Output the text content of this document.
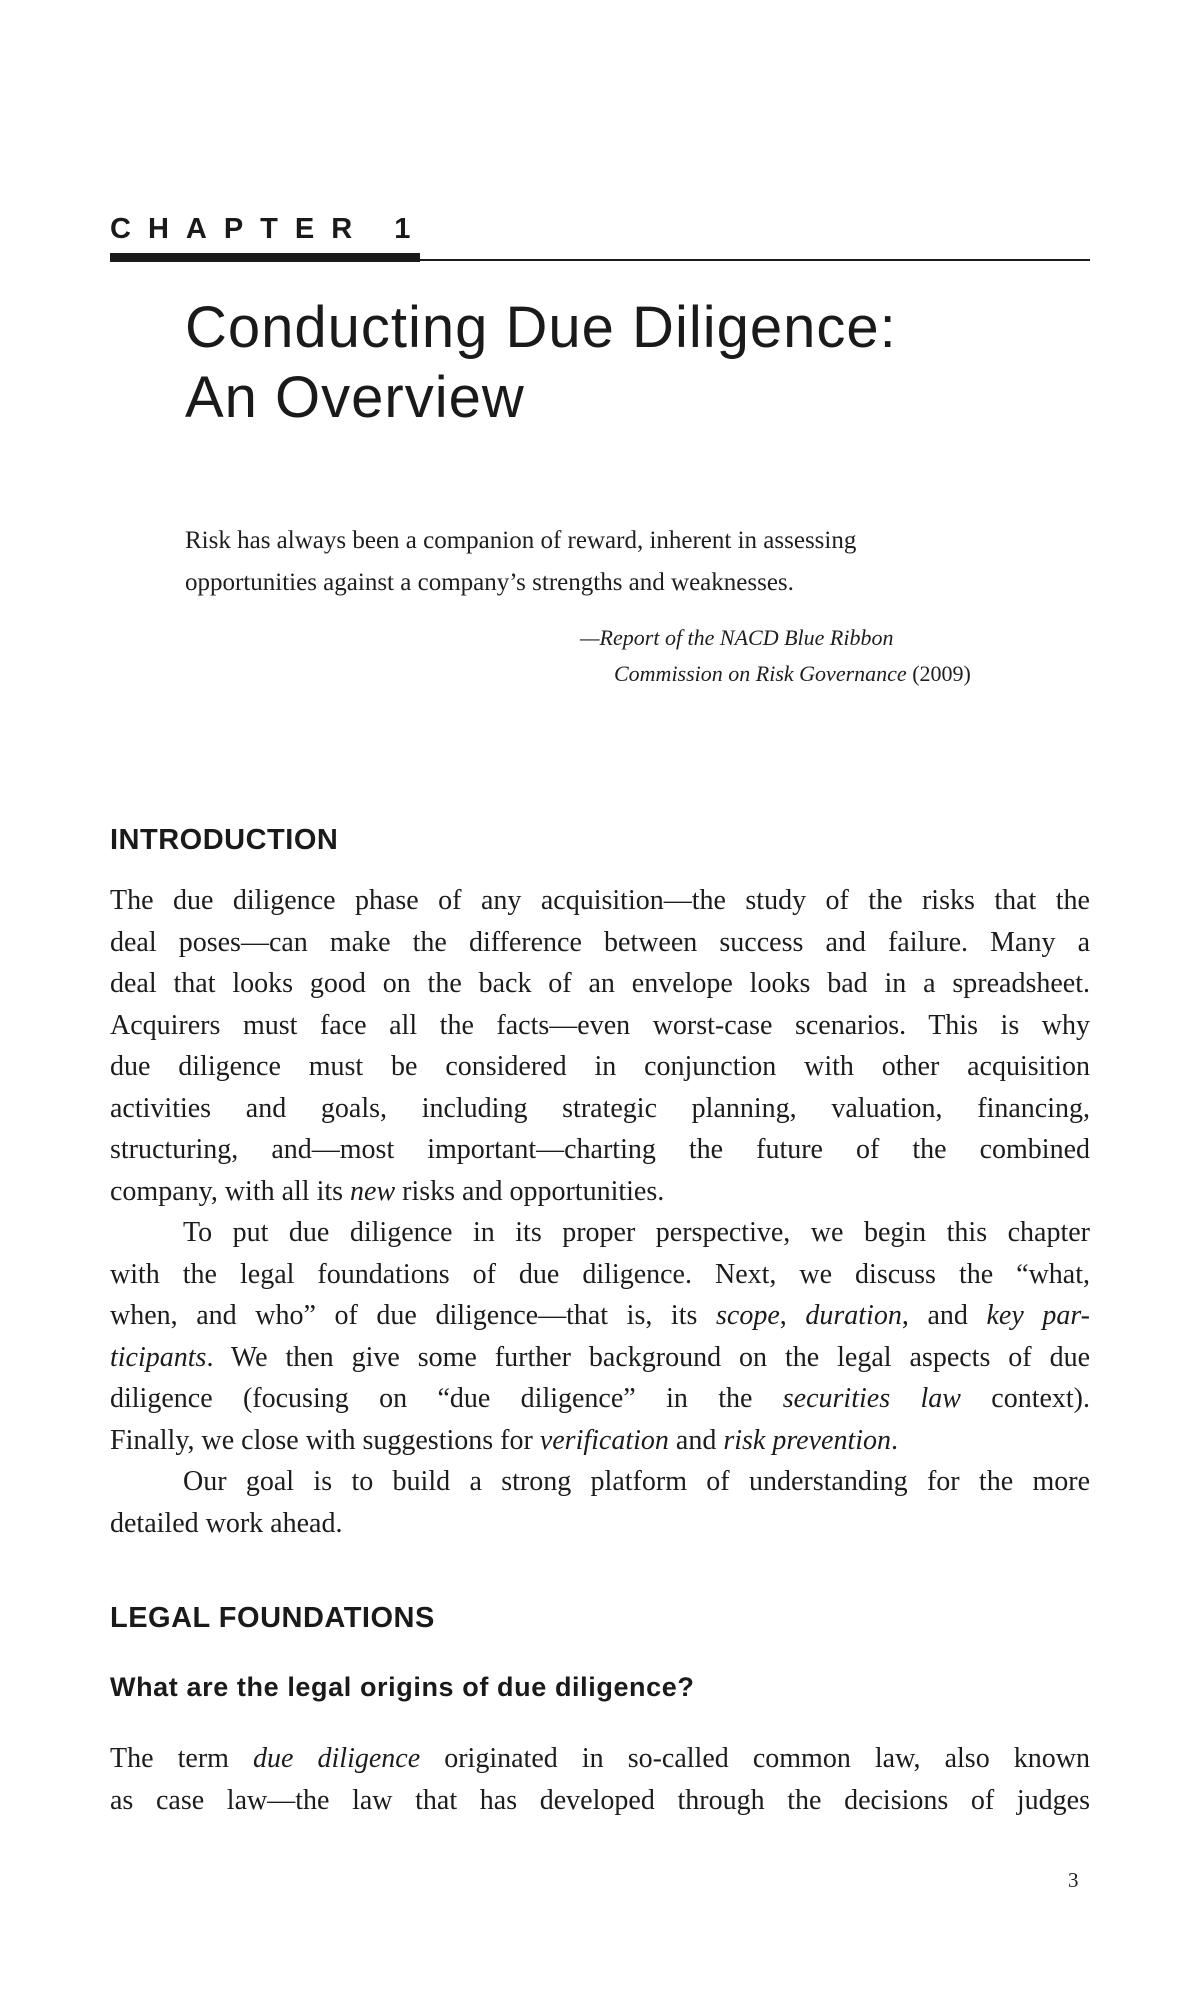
CHAPTER 1
Conducting Due Diligence:
An Overview
Risk has always been a companion of reward, inherent in assessing
opportunities against a company’s strengths and weaknesses.
—Report of the NACD Blue Ribbon
Commission on Risk Governance (2009)
INTRODUCTION
The due diligence phase of any acquisition—the study of the risks that the
deal poses—can make the difference between success and failure. Many a
deal that looks good on the back of an envelope looks bad in a spreadsheet.
Acquirers must face all the facts—even worst-case scenarios. This is why
due diligence must be considered in conjunction with other acquisition
activities and goals, including strategic planning, valuation, financing,
structuring, and—most important—charting the future of the combined
company, with all its new risks and opportunities.
To put due diligence in its proper perspective, we begin this chapter
with the legal foundations of due diligence. Next, we discuss the “what,
when, and who” of due diligence—that is, its scope, duration, and key par-
ticipants. We then give some further background on the legal aspects of due
diligence (focusing on “due diligence” in the securities law context).
Finally, we close with suggestions for verification and risk prevention.
Our goal is to build a strong platform of understanding for the more
detailed work ahead.
LEGAL FOUNDATIONS
What are the legal origins of due diligence?
The term due diligence originated in so-called common law, also known
as case law—the law that has developed through the decisions of judges
3
